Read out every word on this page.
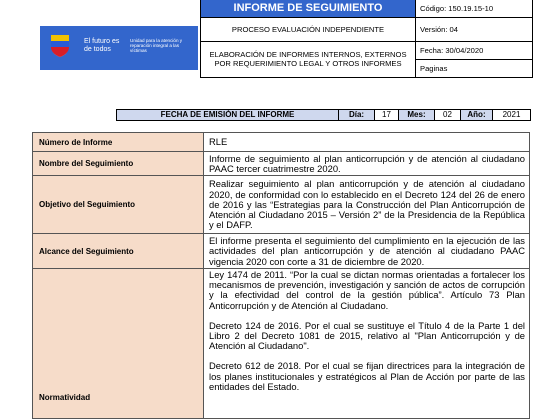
El futuro es de todos
Unidad para la atención y reparación integral a las víctimas
INFORME DE SEGUIMIENTO	Código: 150.19.15-10
PROCESO EVALUACIÓN INDEPENDIENTE	Versión: 04
ELABORACIÓN DE INFORMES INTERNOS, EXTERNOS POR REQUERIMIENTO LEGAL Y OTROS INFORMES	Fecha: 30/04/2020
	Paginas
FECHA DE EMISIÓN DEL INFORME	Día:	17	Mes:	02	Año:	2021
Número de Informe	RLE
Nombre del Seguimiento	Informe de seguimiento al plan anticorrupción y de atención al ciudadano PAAC tercer cuatrimestre 2020.
Objetivo del Seguimiento	Realizar seguimiento al plan anticorrupción y de atención al ciudadano 2020, de conformidad con lo establecido en el Decreto 124 del 26 de enero de 2016 y las “Estrategias para la Construcción del Plan Anticorrupción de Atención al Ciudadano 2015 – Versión 2” de la Presidencia de la República y el DAFP.
Alcance del Seguimiento	El informe presenta el seguimiento del cumplimiento en la ejecución de las actividades del plan anticorrupción y de atención al ciudadano PAAC vigencia 2020 con corte a 31 de diciembre de 2020.
Normatividad	Ley 1474 de 2011. “Por la cual se dictan normas orientadas a fortalecer los mecanismos de prevención, investigación y sanción de actos de corrupción y la efectividad del control de la gestión pública”. Artículo 73 Plan Anticorrupción y de Atención al Ciudadano.

Decreto 124 de 2016. Por el cual se sustituye el Título 4 de la Parte 1 del Libro 2 del Decreto 1081 de 2015, relativo al "Plan Anticorrupción y de Atención al Ciudadano".

Decreto 612 de 2018. Por el cual se fijan directrices para la integración de los planes institucionales y estratégicos al Plan de Acción por parte de las entidades del Estado.
